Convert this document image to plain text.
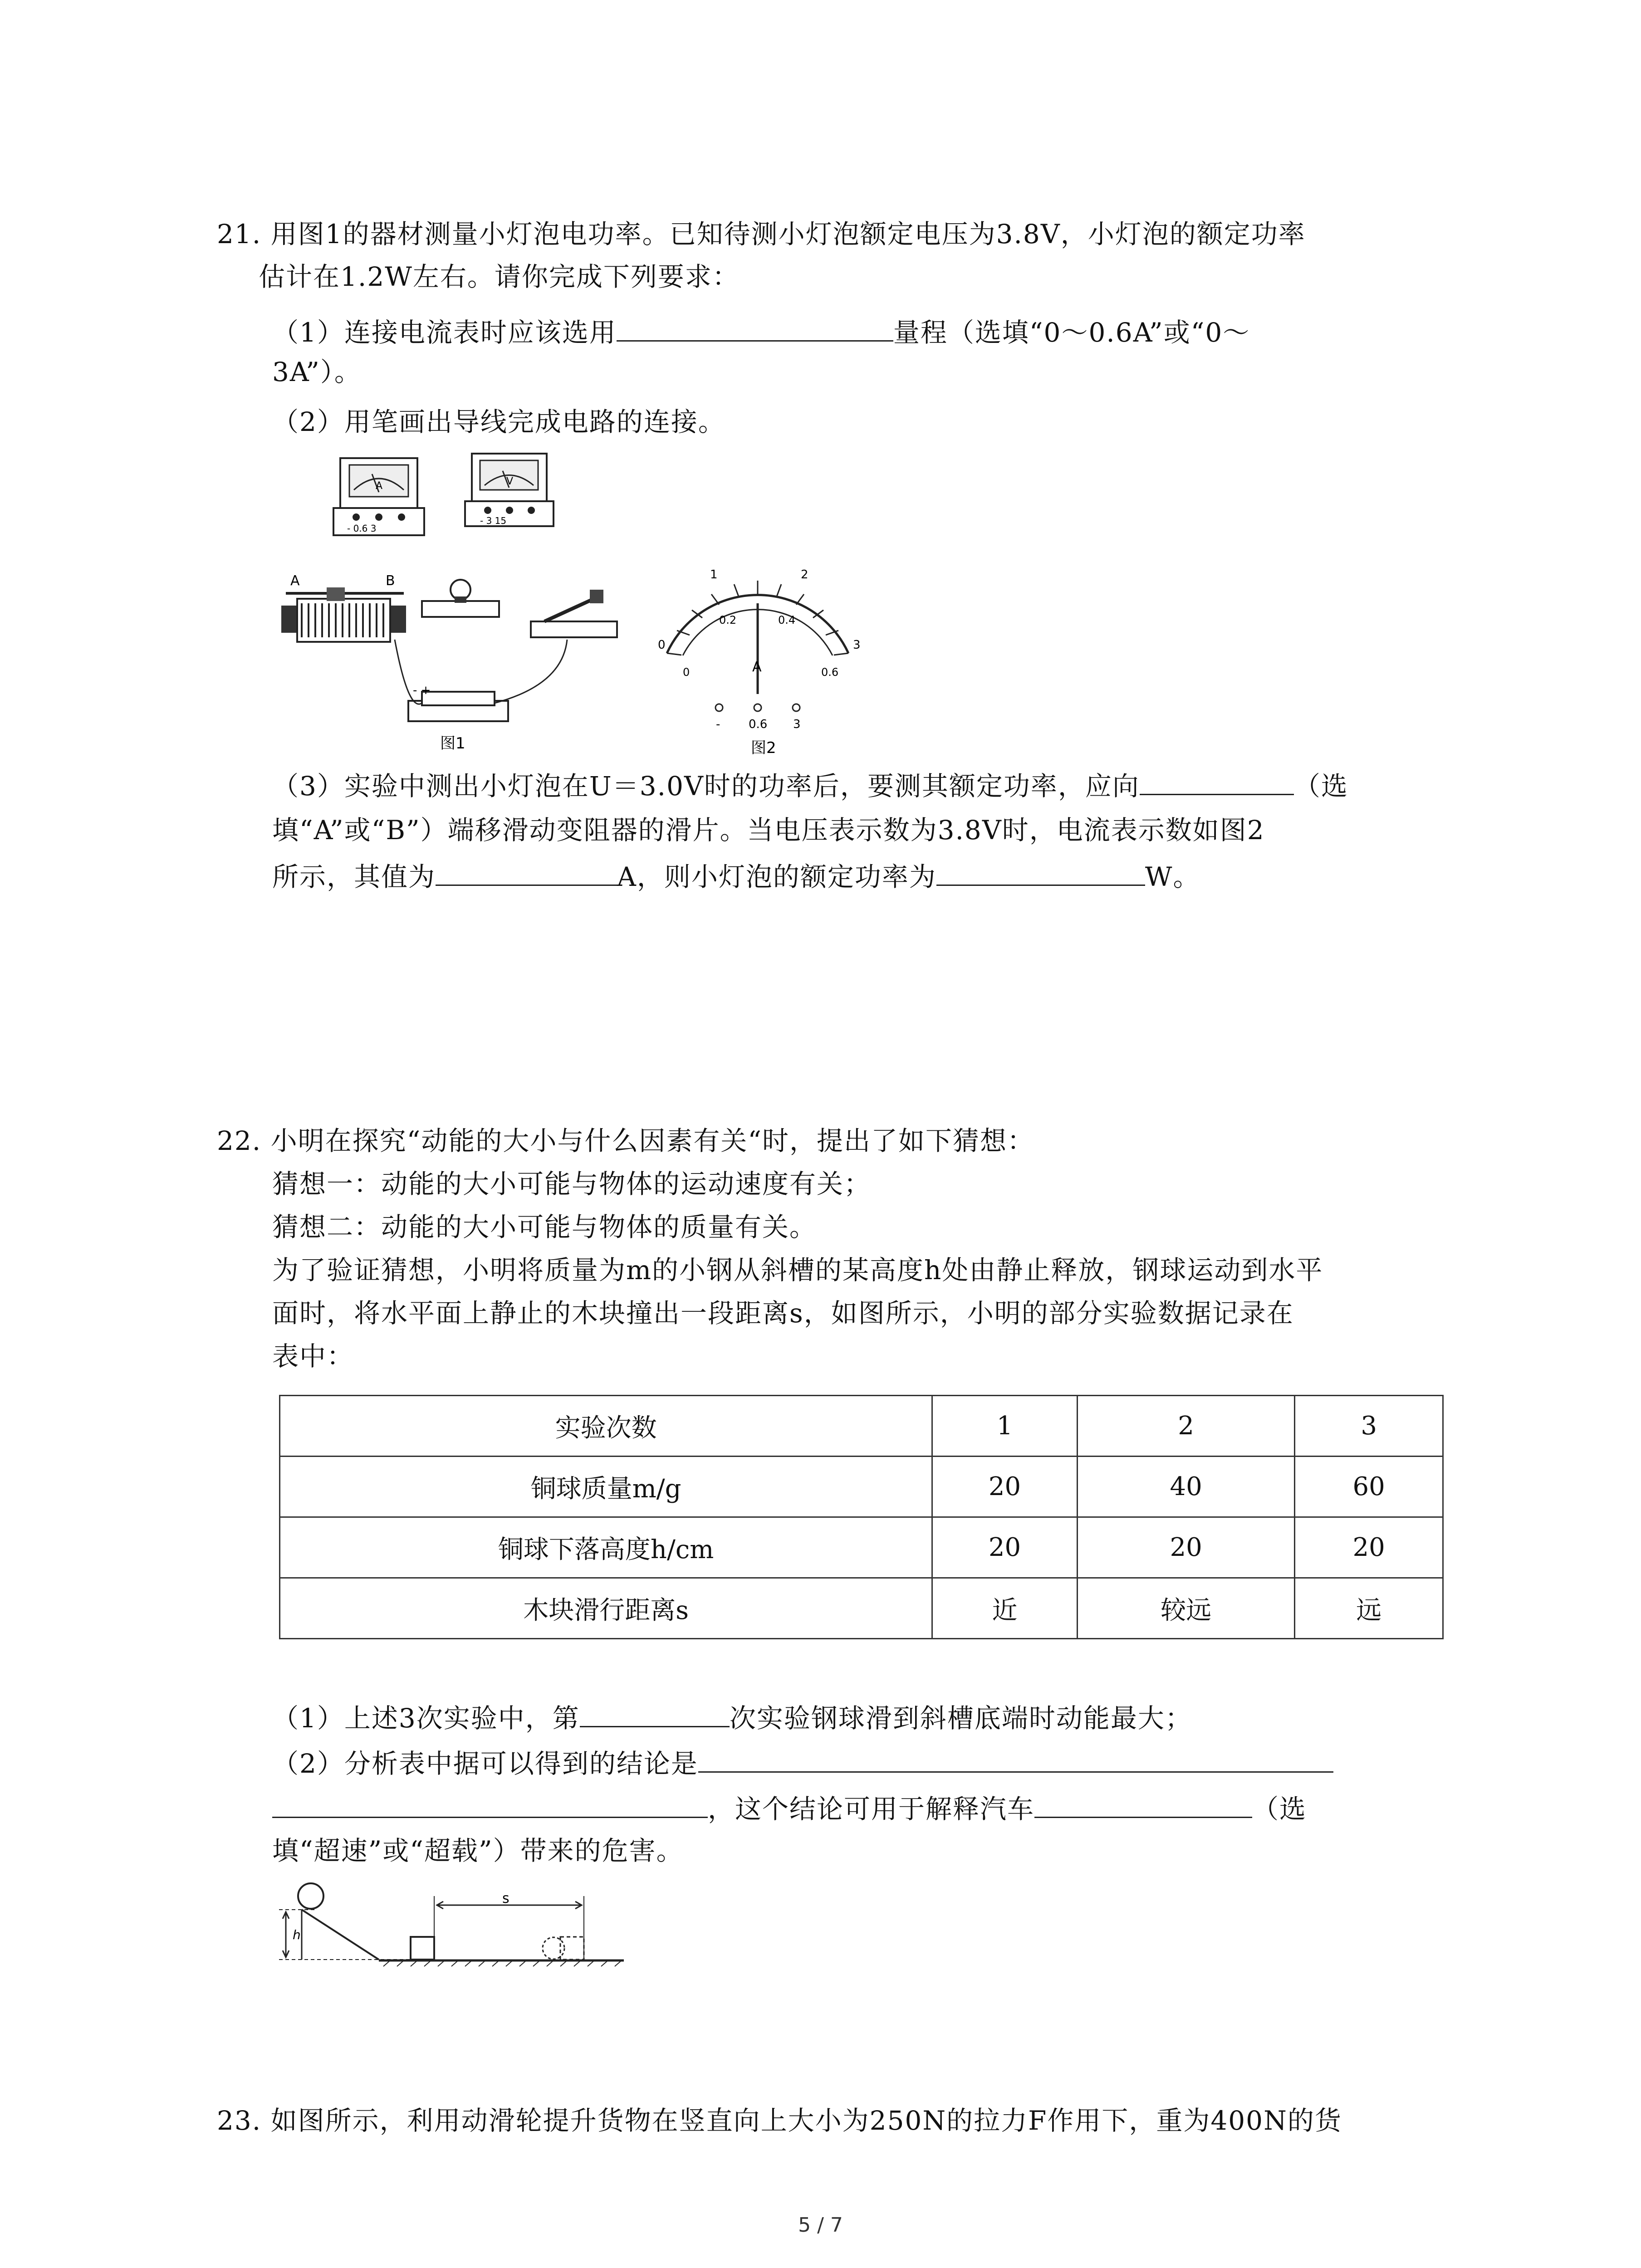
21. 用图1的器材测量小灯泡电功率。已知待测小灯泡额定电压为3.8V，小灯泡的额定功率
估计在1.2W左右。请你完成下列要求：
（1）连接电流表时应该选用	量程（选填“0～0.6A”或“0～
3A”）。
（2）用笔画出导线完成电路的连接。
A
- 0.6 3
V
- 3 15
A	B
- +
图1
0
1	2
3
0
0.2	0.4
0.6
A
- 0.6 3
图2
（3）实验中测出小灯泡在U＝3.0V时的功率后，要测其额定功率，应向	（选
填“A”或“B”）端移滑动变阻器的滑片。当电压表示数为3.8V时，电流表示数如图2
所示，其值为	A，则小灯泡的额定功率为	W。
22. 小明在探究“动能的大小与什么因素有关“时，提出了如下猜想：
猜想一：动能的大小可能与物体的运动速度有关；
猜想二：动能的大小可能与物体的质量有关。
为了验证猜想，小明将质量为m的小钢从斜槽的某高度h处由静止释放，钢球运动到水平
面时，将水平面上静止的木块撞出一段距离s，如图所示，小明的部分实验数据记录在
表中：
实验次数	1	2	3
铜球质量m/g	20	40	60
铜球下落高度h/cm	20	20	20
木块滑行距离s	近	较远	远
（1）上述3次实验中，第	次实验钢球滑到斜槽底端时动能最大；
（2）分析表中据可以得到的结论是
，这个结论可用于解释汽车	（选
填“超速”或“超载”）带来的危害。
h
s
23. 如图所示，利用动滑轮提升货物在竖直向上大小为250N的拉力F作用下，重为400N的货
5 / 7
